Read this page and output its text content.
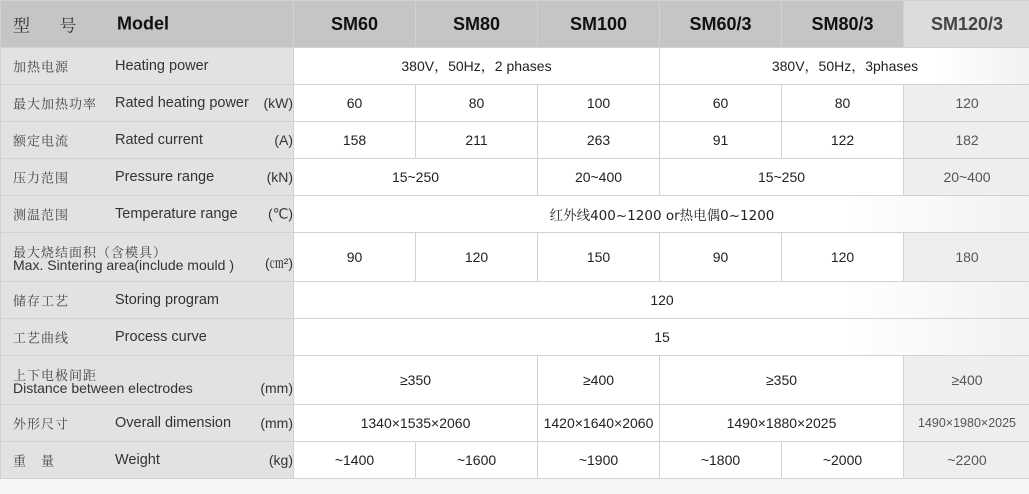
型 号 Model	SM60	SM80	SM100	SM60/3	SM80/3	SM120/3

加热电源 Heating power	380V，50Hz，2 phases			380V，50Hz，3phases		

最大加热功率 Rated heating power (kW)	60	80	100	60	80	120

额定电流 Rated current (A)	158	211	263	91	122	182

压力范围 Pressure range (kN)	15~250		20~400	15~250		20~400

测温范围 Temperature range (℃)	红外线400~1200 or热电偶0~1200					

最大烧结面积（含模具）
Max. Sintering area(include mould ) (㎝²)	90	120	150	90	120	180

储存工艺 Storing program	120					

工艺曲线 Process curve	15					

上下电极间距
Distance between electrodes (mm)	≥350		≥400	≥350		≥400

外形尺寸 Overall dimension (mm)	1340×1535×2060		1420×1640×2060	1490×1880×2025		1490×1980×2025

重　量 Weight (kg)	~1400	~1600	~1900	~1800	~2000	~2200
